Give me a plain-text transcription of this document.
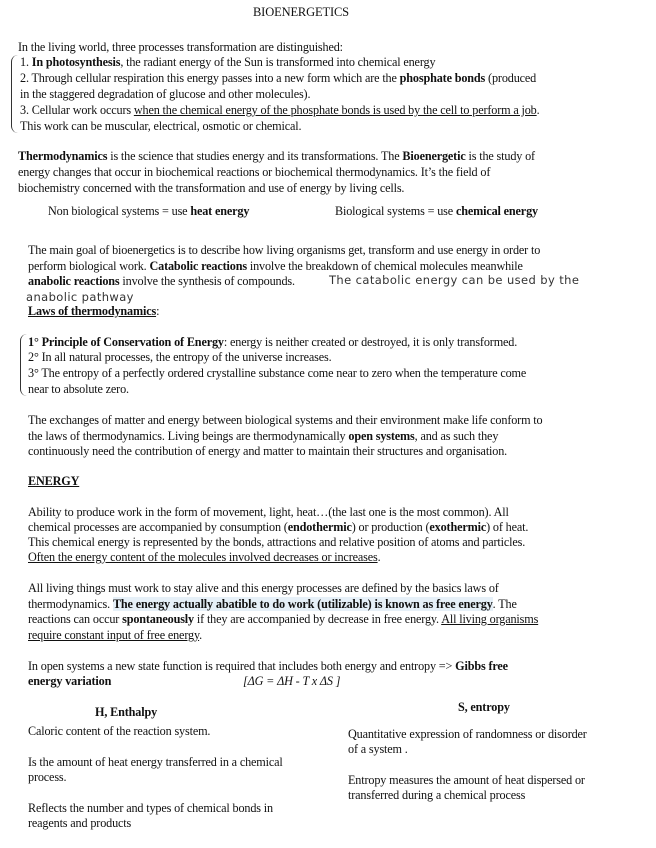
BIOENERGETICS
In the living world, three processes transformation are distinguished:
1. In photosynthesis, the radiant energy of the Sun is transformed into chemical energy
2. Through cellular respiration this energy passes into a new form which are the phosphate bonds (produced
in the staggered degradation of glucose and other molecules).
3. Cellular work occurs when the chemical energy of the phosphate bonds is used by the cell to perform a job.
This work can be muscular, electrical, osmotic or chemical.
Thermodynamics is the science that studies energy and its transformations. The Bioenergetic is the study of
energy changes that occur in biochemical reactions or biochemical thermodynamics. It’s the field of
biochemistry concerned with the transformation and use of energy by living cells.
Non biological systems = use heat energy	Biological systems = use chemical energy
The main goal of bioenergetics is to describe how living organisms get, transform and use energy in order to
perform biological work. Catabolic reactions involve the breakdown of chemical molecules meanwhile
anabolic reactions involve the synthesis of compounds.	The catabolic energy can be used by the
anabolic pathway
Laws of thermodynamics:
1° Principle of Conservation of Energy: energy is neither created or destroyed, it is only transformed.
2° In all natural processes, the entropy of the universe increases.
3° The entropy of a perfectly ordered crystalline substance come near to zero when the temperature come
near to absolute zero.
The exchanges of matter and energy between biological systems and their environment make life conform to
the laws of thermodynamics. Living beings are thermodynamically open systems, and as such they
continuously need the contribution of energy and matter to maintain their structures and organisation.
ENERGY
Ability to produce work in the form of movement, light, heat…(the last one is the most common). All
chemical processes are accompanied by consumption (endothermic) or production (exothermic) of heat.
This chemical energy is represented by the bonds, attractions and relative position of atoms and particles.
Often the energy content of the molecules involved decreases or increases.
All living things must work to stay alive and this energy processes are defined by the basics laws of
thermodynamics. The energy actually abatible to do work (utilizable) is known as free energy. The
reactions can occur spontaneously if they are accompanied by decrease in free energy. All living organisms
require constant input of free energy.
In open systems a new state function is required that includes both energy and entropy => Gibbs free
energy variation	[ΔG = ΔH - T x ΔS ]
H, Enthalpy
Caloric content of the reaction system.
Is the amount of heat energy transferred in a chemical
process.
Reflects the number and types of chemical bonds in
reagents and products
S, entropy
Quantitative expression of randomness or disorder
of a system .
Entropy measures the amount of heat dispersed or
transferred during a chemical process
